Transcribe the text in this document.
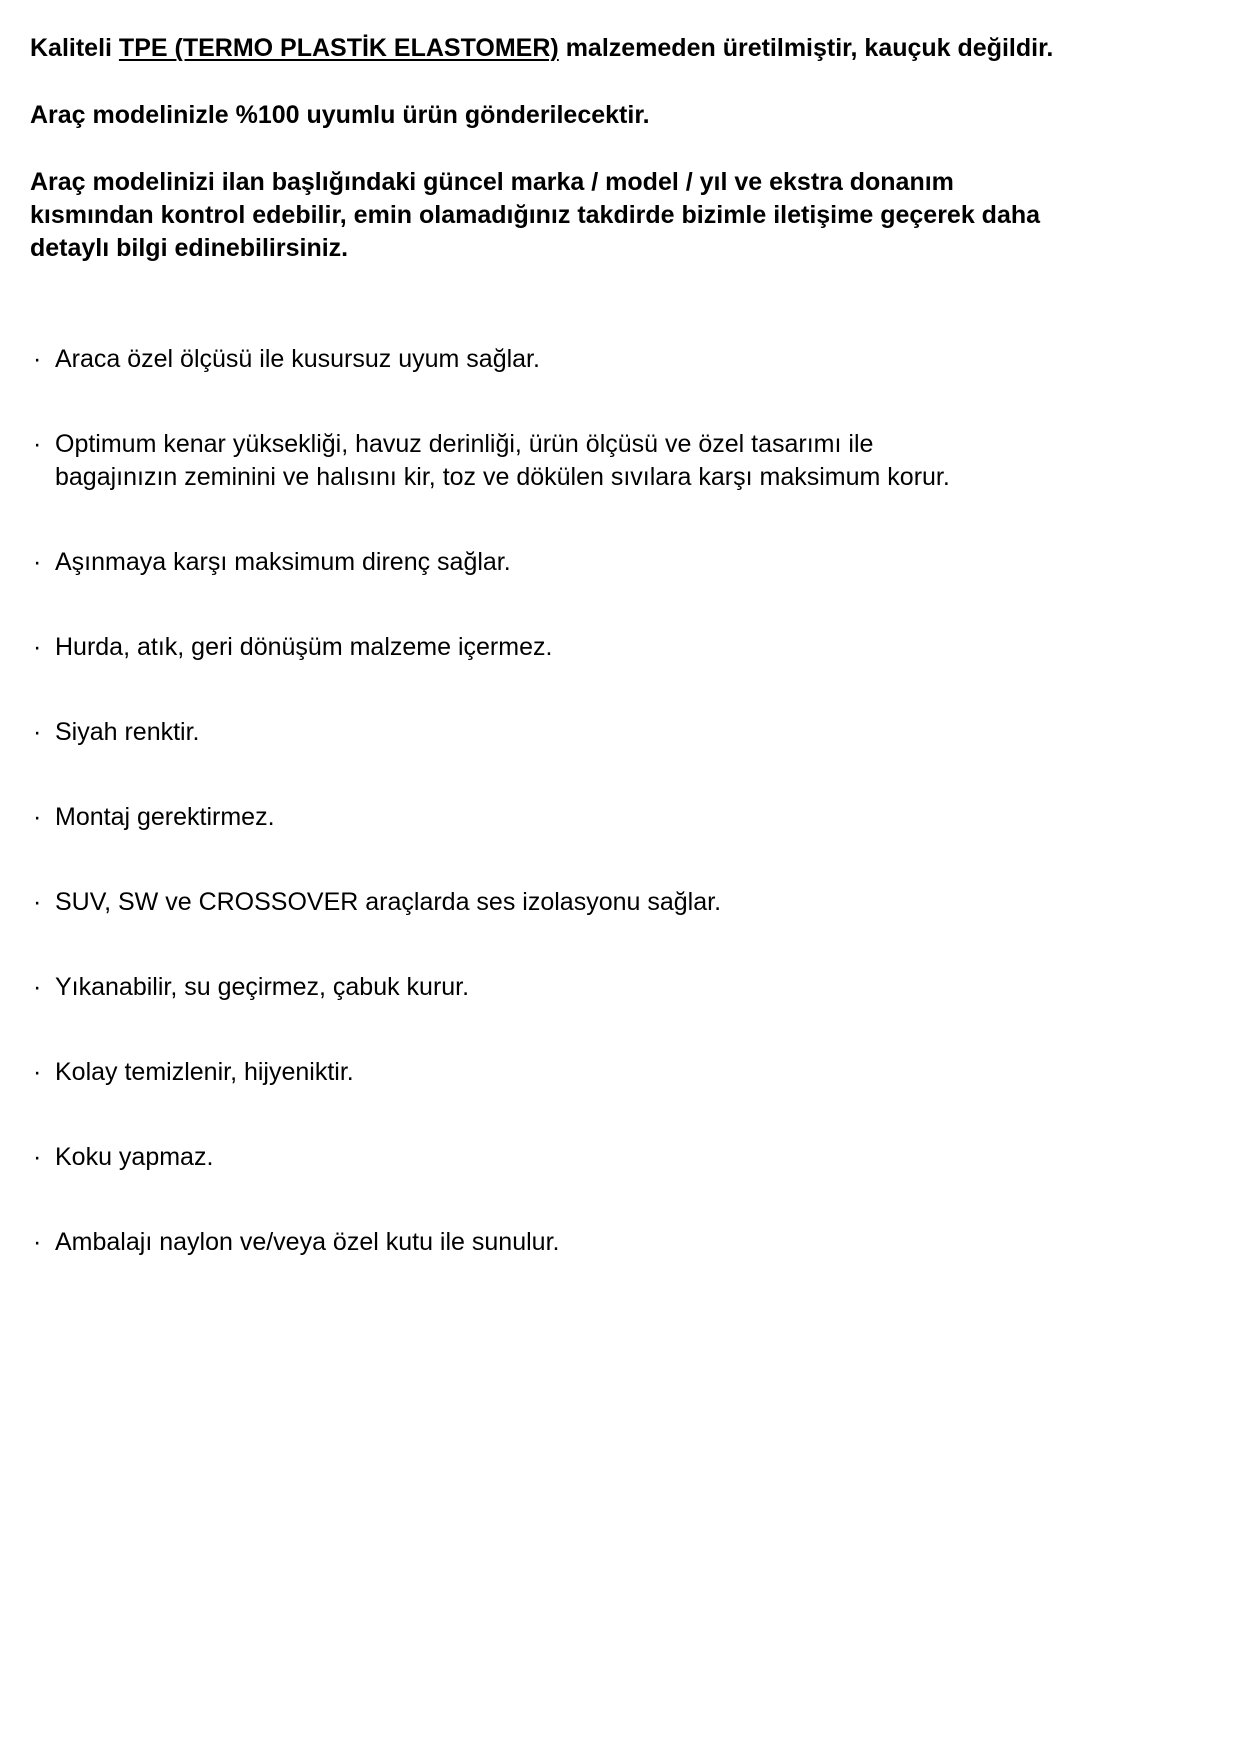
Kaliteli TPE (TERMO PLASTİK ELASTOMER) malzemeden üretilmiştir, kauçuk değildir.

Araç modelinizle %100 uyumlu ürün gönderilecektir.

Araç modelinizi ilan başlığındaki güncel marka / model / yıl ve ekstra donanım
kısmından kontrol edebilir, emin olamadığınız takdirde bizimle iletişime geçerek daha
detaylı bilgi edinebilirsiniz.

· Araca özel ölçüsü ile kusursuz uyum sağlar.
· Optimum kenar yüksekliği, havuz derinliği, ürün ölçüsü ve özel tasarımı ile
bagajınızın zeminini ve halısını kir, toz ve dökülen sıvılara karşı maksimum korur.
· Aşınmaya karşı maksimum direnç sağlar.
· Hurda, atık, geri dönüşüm malzeme içermez.
· Siyah renktir.
· Montaj gerektirmez.
· SUV, SW ve CROSSOVER araçlarda ses izolasyonu sağlar.
· Yıkanabilir, su geçirmez, çabuk kurur.
· Kolay temizlenir, hijyeniktir.
· Koku yapmaz.
· Ambalajı naylon ve/veya özel kutu ile sunulur.
